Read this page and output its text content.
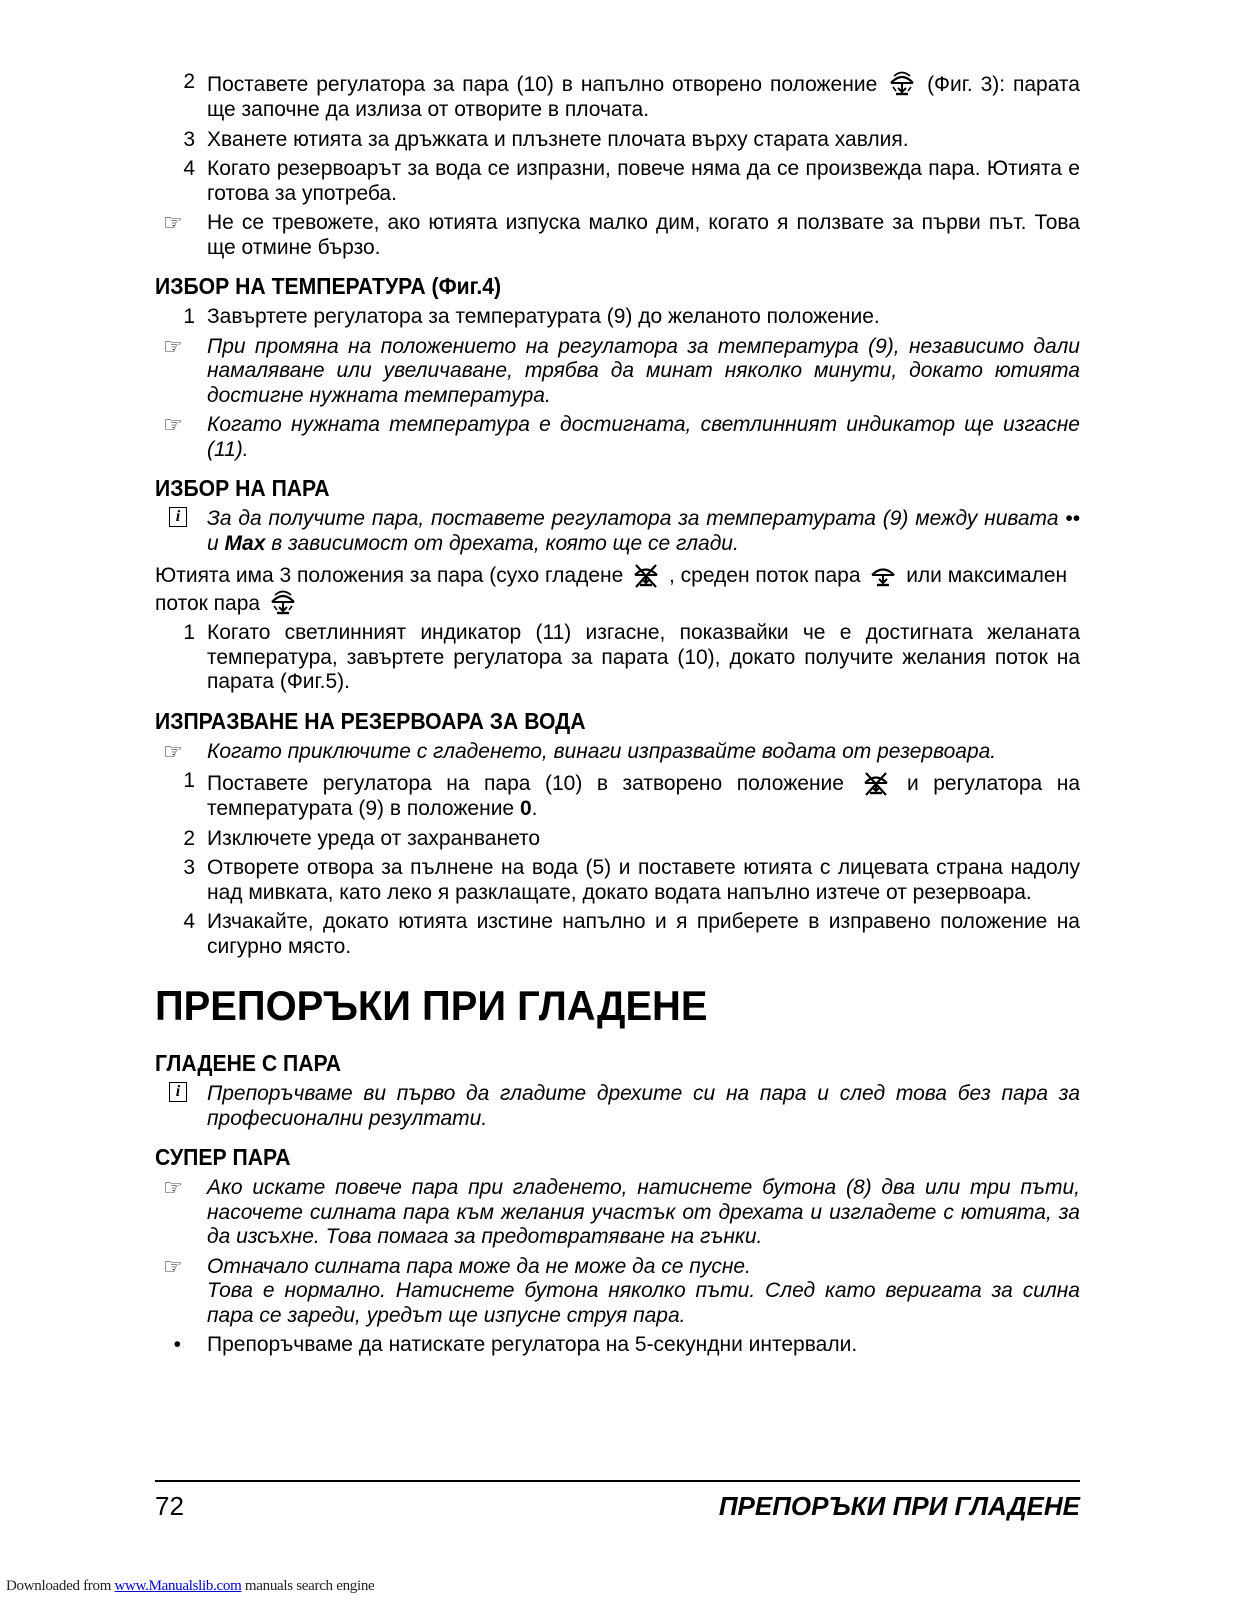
2 Поставете регулатора за пара (10) в напълно отворено положение (Фиг. 3): парата ще започне да излиза от отворите в плочата.
3 Хванете ютията за дръжката и плъзнете плочата върху старата хавлия.
4 Когато резервоарът за вода се изпразни, повече няма да се произвежда пара. Ютията е готова за употреба.
☞	Не се тревожете, ако ютията изпуска малко дим, когато я ползвате за първи път. Това ще отмине бързо.
ИЗБОР НА ТЕМПЕРАТУРА (Фиг.4)
1 Завъртете регулатора за температурата (9) до желаното положение.
☞	При промяна на положението на регулатора за температура (9), независимо дали намаляване или увеличаване, трябва да минат няколко минути, докато ютията достигне нужната температура.
☞	Когато нужната температура е достигната, светлинният индикатор ще изгасне (11).
ИЗБОР НА ПАРА
i	За да получите пара, поставете регулатора за температурата (9) между нивата •• и Max в зависимост от дрехата, която ще се глади.
Ютията има 3 положения за пара (сухо гладене  , среден поток пара  или максимален поток пара
1 Когато светлинният индикатор (11) изгасне, показвайки че е достигната желаната температура, завъртете регулатора за парата (10), докато получите желания поток на парата (Фиг.5).
ИЗПРАЗВАНЕ НА РЕЗЕРВОАРА ЗА ВОДА
☞	Когато приключите с гладенето, винаги изпразвайте водата от резервоара.
1 Поставете регулатора на пара (10) в затворено положение	и регулатора на температурата (9) в положение 0.
2 Изключете уреда от захранването
3 Отворете отвора за пълнене на вода (5) и поставете ютията с лицевата страна надолу над мивката, като леко я разклащате, докато водата напълно изтече от резервоара.
4 Изчакайте, докато ютията изстине напълно и я приберете в изправено положение на сигурно място.
ПРЕПОРЪКИ ПРИ ГЛАДЕНЕ
ГЛАДЕНЕ С ПАРА
i	Препоръчваме ви първо да гладите дрехите си на пара и след това без пара за професионални резултати.
СУПЕР ПАРА
☞	Ако искате повече пара при гладенето, натиснете бутона (8) два или три пъти, насочете силната пара към желания участък от дрехата и изгладете с ютията, за да изсъхне. Това помага за предотвратяване на гънки.
☞	Отначало силната пара може да не може да се пусне.
Това е нормално. Натиснете бутона няколко пъти. След като веригата за силна пара се зареди, уредът ще изпусне струя пара.
• Препоръчваме да натискате регулатора на 5-секундни интервали.
72	ПРЕПОРЪКИ ПРИ ГЛАДЕНЕ
Downloaded from www.Manualslib.com manuals search engine
